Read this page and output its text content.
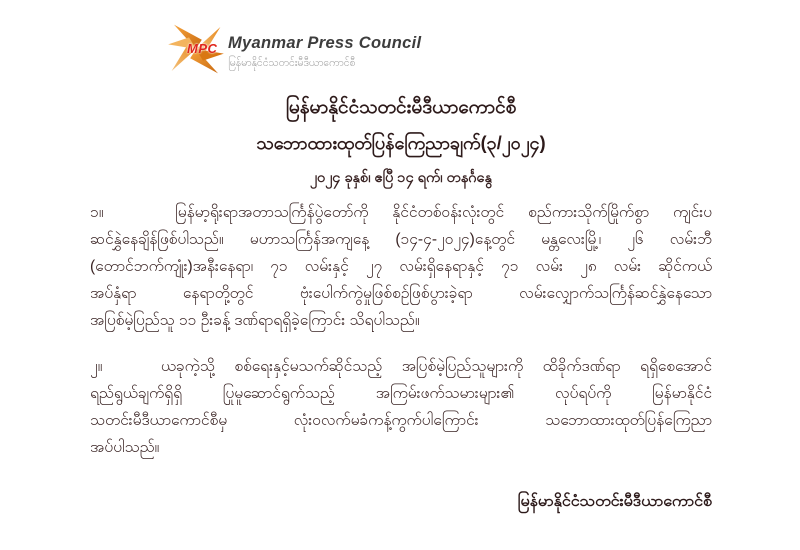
MPC Myanmar Press Council
မြန်မာနိုင်ငံသတင်းမီဒီယာကောင်စီ
မြန်မာနိုင်ငံသတင်းမီဒီယာကောင်စီ
သဘောထားထုတ်ပြန်ကြေညာချက်(၃/၂၀၂၄)
၂၀၂၄ ခုနှစ်၊ ဧပြီ ၁၄ ရက်၊ တနင်္ဂနွေ
၁။   မြန်မာ့ရိုးရာအတာသင်္ကြန်ပွဲတော်ကို နိုင်ငံတစ်ဝန်းလုံးတွင် စည်ကားသိုက်မြိုက်စွာ ကျင်းပ
ဆင်နွှဲနေချိန်ဖြစ်ပါသည်။ မဟာသင်္ကြန်အကျနေ့ (၁၄-၄-၂၀၂၄)နေ့တွင် မန္တလေးမြို့၊ ၂၆ လမ်းဘီ
(တောင်ဘက်ကျုံး)အနီးနေရာ၊ ၇၁ လမ်းနှင့် ၂၇ လမ်းရှိနေရာနှင့် ၇၁ လမ်း ၂၈ လမ်း ဆိုင်ကယ်
အပ်နှံရာ နေရာတို့တွင် ဗုံးပေါက်ကွဲမှုဖြစ်စဉ်ဖြစ်ပွားခဲ့ရာ လမ်းလျှောက်သင်္ကြန်ဆင်နွှဲနေသော
အပြစ်မဲ့ပြည်သူ ၁၁ ဦးခန့် ဒဏ်ရာရရှိခဲ့ကြောင်း သိရပါသည်။
၂။   ယခုကဲ့သို့ စစ်ရေးနှင့်မသက်ဆိုင်သည့် အပြစ်မဲ့ပြည်သူများကို ထိခိုက်ဒဏ်ရာ ရရှိစေအောင်
ရည်ရွယ်ချက်ရှိရှိ ပြုမူဆောင်ရွက်သည့် အကြမ်းဖက်သမားများ၏ လုပ်ရပ်ကို မြန်မာနိုင်ငံ
သတင်းမီဒီယာကောင်စီမှ လုံးဝလက်မခံကန့်ကွက်ပါကြောင်း သဘောထားထုတ်ပြန်ကြေညာ
အပ်ပါသည်။
မြန်မာနိုင်ငံသတင်းမီဒီယာကောင်စီ
